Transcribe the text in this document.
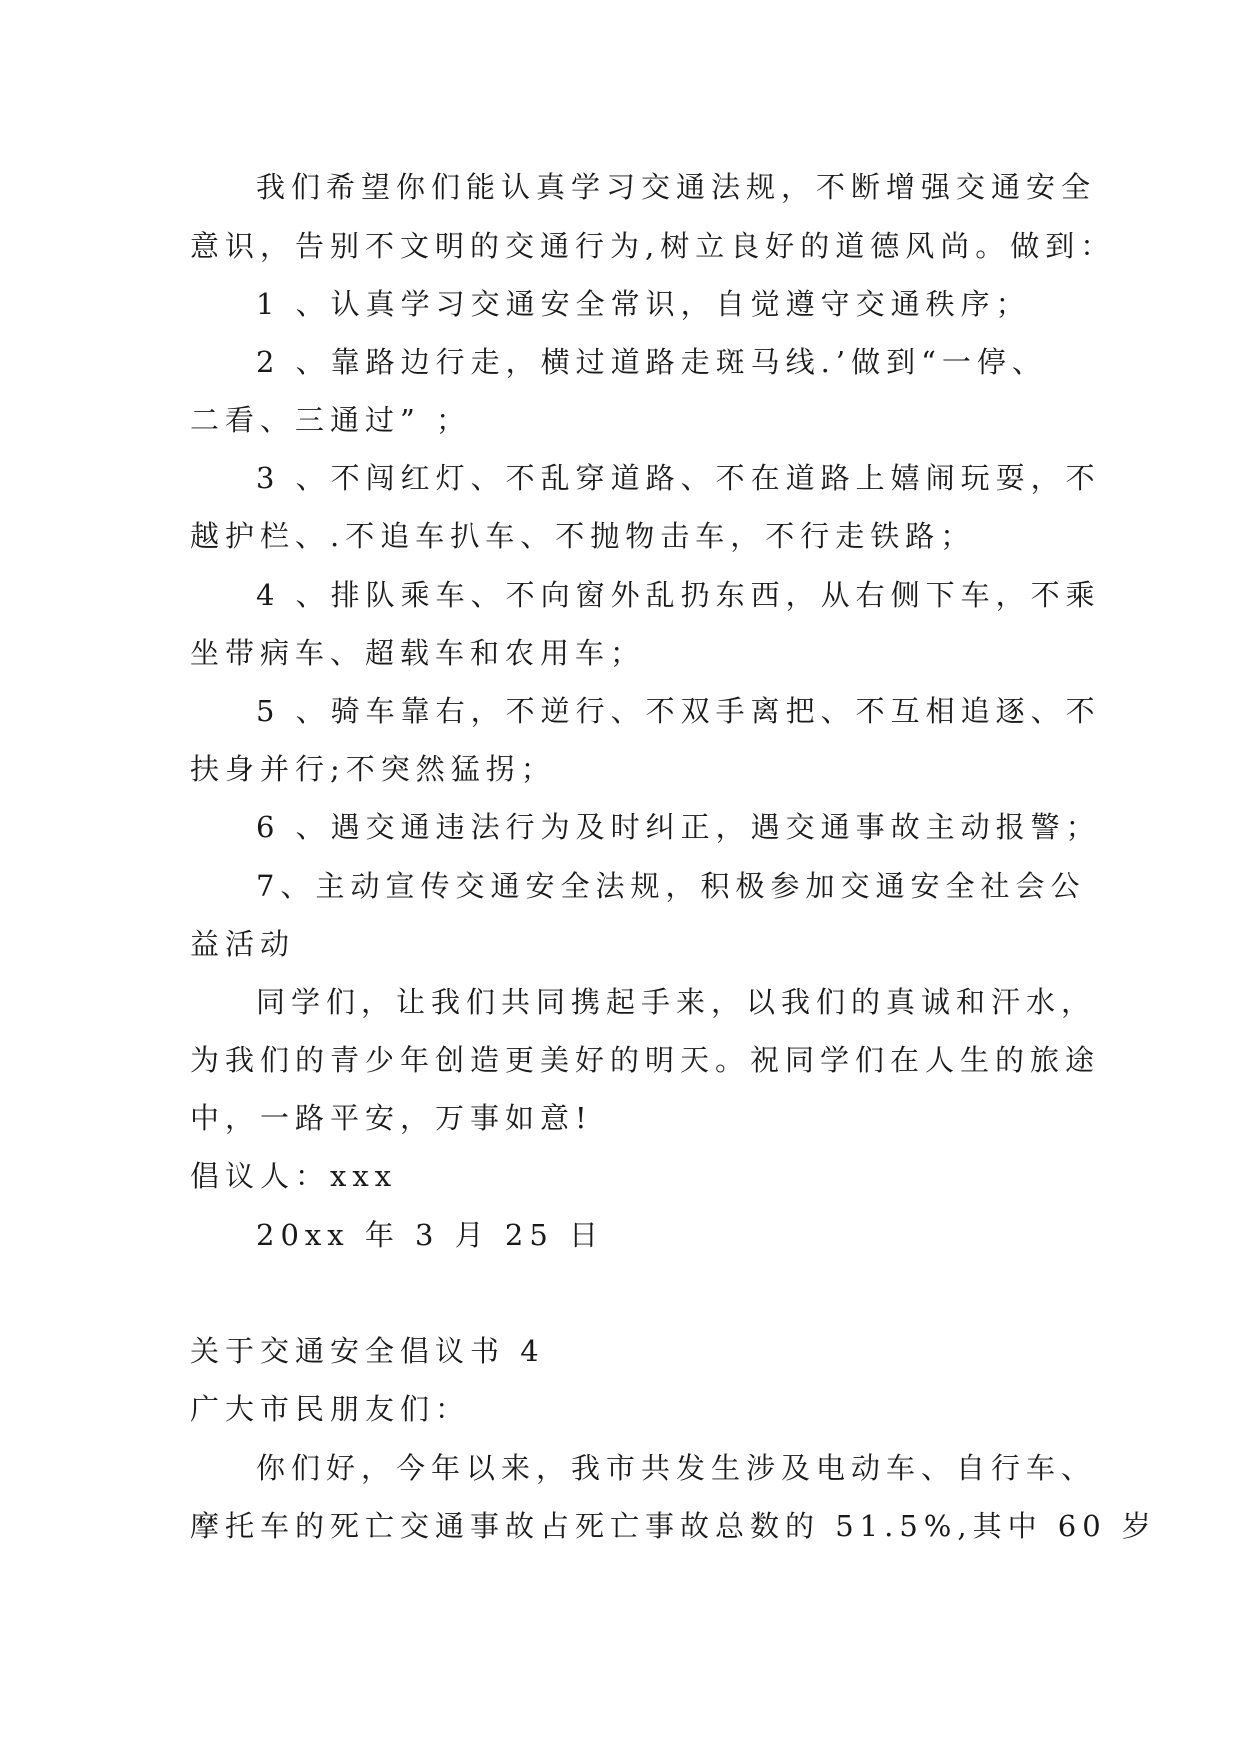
我们希望你们能认真学习交通法规，不断增强交通安全
意识，告别不文明的交通行为,树立良好的道德风尚。做到：
1 、认真学习交通安全常识，自觉遵守交通秩序；
2 、靠路边行走，横过道路走斑马线.’做到“一停、
二看、三通过” ；
3 、不闯红灯、不乱穿道路、不在道路上嬉闹玩耍，不
越护栏、.不追车扒车、不抛物击车，不行走铁路；
4 、排队乘车、不向窗外乱扔东西，从右侧下车，不乘
坐带病车、超载车和农用车；
5 、骑车靠右，不逆行、不双手离把、不互相追逐、不
扶身并行;不突然猛拐；
6 、遇交通违法行为及时纠正，遇交通事故主动报警；
7、主动宣传交通安全法规，积极参加交通安全社会公
益活动
同学们，让我们共同携起手来，以我们的真诚和汗水，
为我们的青少年创造更美好的明天。祝同学们在人生的旅途
中，一路平安，万事如意!
倡议人：xxx
20xx 年 3 月 25 日
关于交通安全倡议书 4
广大市民朋友们：
你们好，今年以来，我市共发生涉及电动车、自行车、
摩托车的死亡交通事故占死亡事故总数的 51.5%,其中 60 岁
